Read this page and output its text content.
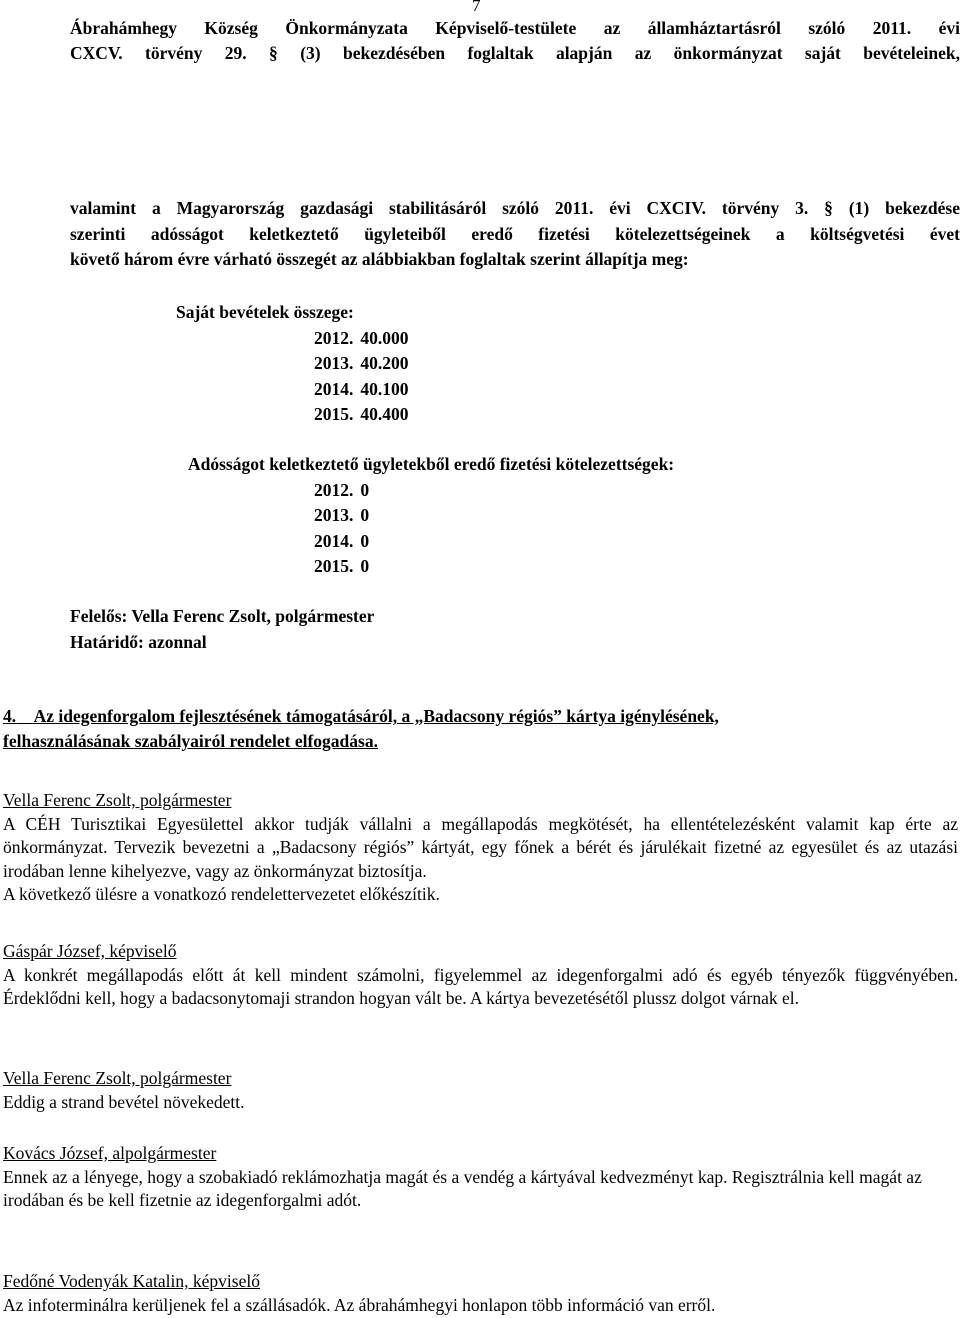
7
Ábrahámhegy Község Önkormányzata Képviselő-testülete az államháztartásról szóló 2011. évi
CXCV. törvény 29. § (3) bekezdésében foglaltak alapján az önkormányzat saját bevételeinek,
valamint a Magyarország gazdasági stabilitásáról szóló 2011. évi CXCIV. törvény 3. § (1) bekezdése
szerinti adósságot keletkeztető ügyleteiből eredő fizetési kötelezettségeinek a költségvetési évet
követő három évre várható összegét az alábbiakban foglaltak szerint állapítja meg:
Saját bevételek összege:
2012. 40.000
2013. 40.200
2014. 40.100
2015. 40.400
Adósságot keletkeztető ügyletekből eredő fizetési kötelezettségek:
2012. 0
2013. 0
2014. 0
2015. 0
Felelős: Vella Ferenc Zsolt, polgármester
Határidő: azonnal
4. Az idegenforgalom fejlesztésének támogatásáról, a „Badacsony régiós” kártya igénylésének,
felhasználásának szabályairól rendelet elfogadása.
Vella Ferenc Zsolt, polgármester
A CÉH Turisztikai Egyesülettel akkor tudják vállalni a megállapodás megkötését, ha ellentételezésként valamit kap érte az önkormányzat. Tervezik bevezetni a „Badacsony régiós” kártyát, egy főnek a bérét és járulékait fizetné az egyesület és az utazási irodában lenne kihelyezve, vagy az önkormányzat biztosítja.
A következő ülésre a vonatkozó rendelettervezetet előkészítik.
Gáspár József, képviselő
A konkrét megállapodás előtt át kell mindent számolni, figyelemmel az idegenforgalmi adó és egyéb tényezők függvényében. Érdeklődni kell, hogy a badacsonytomaji strandon hogyan vált be. A kártya bevezetésétől plussz dolgot várnak el.
Vella Ferenc Zsolt, polgármester
Eddig a strand bevétel növekedett.
Kovács József, alpolgármester
Ennek az a lényege, hogy a szobakiadó reklámozhatja magát és a vendég a kártyával kedvezményt kap. Regisztrálnia kell magát az irodában és be kell fizetnie az idegenforgalmi adót.
Fedőné Vodenyák Katalin, képviselő
Az infoterminálra kerüljenek fel a szállásadók. Az ábrahámhegyi honlapon több információ van erről.
